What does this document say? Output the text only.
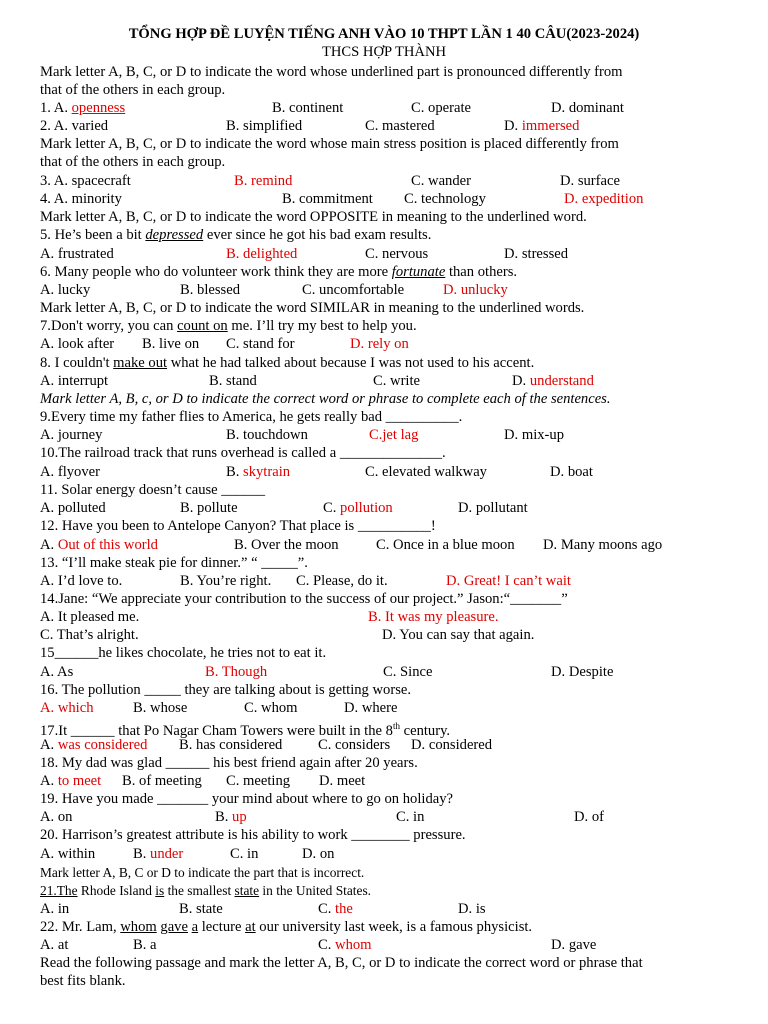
TỔNG HỢP ĐỀ LUYỆN TIẾNG ANH VÀO 10 THPT LẦN 1 40 CÂU(2023-2024)
THCS HỢP THÀNH
Mark letter A, B, C, or D to indicate the word whose underlined part is pronounced differently from
that of the others in each group.
1. A. openness	B. continent	C. operate	D. dominant
2. A. varied	B. simplified	C. mastered	D. immersed
Mark letter A, B, C, or D to indicate the word whose main stress position is placed differently from
that of the others in each group.
3. A. spacecraft	B. remind	C. wander	D. surface
4. A. minority	B. commitment C. technology	D. expedition
Mark letter A, B, C, or D to indicate the word OPPOSITE in meaning to the underlined word.
5. He’s been a bit depressed ever since he got his bad exam results.
A. frustrated	B. delighted	C. nervous	D. stressed
6. Many people who do volunteer work think they are more fortunate than others.
A. lucky	B. blessed	C. uncomfortable	D. unlucky
Mark letter A, B, C, or D to indicate the word SIMILAR in meaning to the underlined words.
7.Don't worry, you can count on me. I’ll try my best to help you.
A. look after B. live on C. stand for	D. rely on
8. I couldn't make out what he had talked about because I was not used to his accent.
A. interrupt	B. stand	C. write	D. understand
Mark letter A, B, c, or D to indicate the correct word or phrase to complete each of the sentences.
9.Every time my father flies to America, he gets really bad __________.
A. journey	B. touchdown	C.jet lag	D. mix-up
10.The railroad track that runs overhead is called a ______________.
A. flyover	B. skytrain	C. elevated walkway	D. boat
11. Solar energy doesn’t cause ______
A. polluted	B. pollute	C. pollution	D. pollutant
12. Have you been to Antelope Canyon? That place is __________!
A. Out of this world	B. Over the moon	C. Once in a blue moon D. Many moons ago
13. “I’ll make steak pie for dinner.” “ _____”.
A. I’d love to.	B. You’re right. C. Please, do it.	D. Great! I can’t wait
14.Jane: “We appreciate your contribution to the success of our project.” Jason:“_______”
A. It pleased me.	B. It was my pleasure.
C. That’s alright.	D. You can say that again.
15______he likes chocolate, he tries not to eat it.
A. As	B. Though	C. Since	D. Despite
16. The pollution _____ they are talking about is getting worse.
A. which	B. whose	C. whom	D. where
17.It ______ that Po Nagar Cham Towers were built in the 8th century.
A. was considered B. has considered C. considers D. considered
18. My dad was glad ______ his best friend again after 20 years.
A. to meet B. of meeting C. meeting D. meet
19. Have you made _______ your mind about where to go on holiday?
A. on	B. up	C. in	D. of
20. Harrison’s greatest attribute is his ability to work ________ pressure.
A. within	B. under	C. in	D. on
Mark letter A, B, C or D to indicate the part that is incorrect.
21.The Rhode Island is the smallest state in the United States.
A. in	B. state	C. the	D. is
22. Mr. Lam, whom gave a lecture at our university last week, is a famous physicist.
A. at	B. a	C. whom	D. gave
Read the following passage and mark the letter A, B, C, or D to indicate the correct word or phrase that
best fits blank.
